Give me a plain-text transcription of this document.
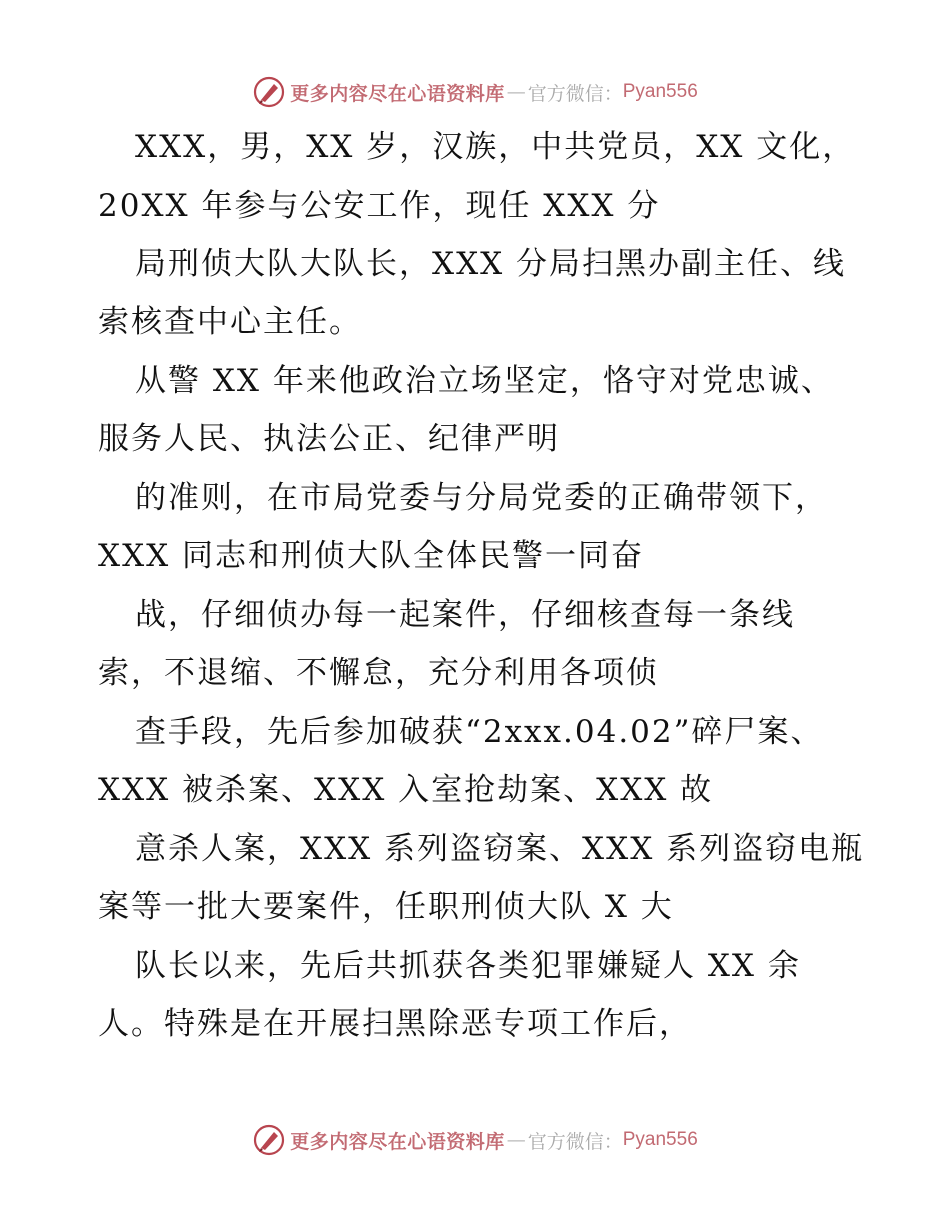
更多内容尽在心语资料库 — 官方微信： Pyan556
XXX，男，XX 岁，汉族，中共党员，XX 文化，
20XX 年参与公安工作，现任 XXX 分
局刑侦大队大队长，XXX 分局扫黑办副主任、线
索核查中心主任。
从警 XX 年来他政治立场坚定，恪守对党忠诚、
服务人民、执法公正、纪律严明
的准则，在市局党委与分局党委的正确带领下，
XXX 同志和刑侦大队全体民警一同奋
战，仔细侦办每一起案件，仔细核查每一条线
索，不退缩、不懈怠，充分利用各项侦
查手段，先后参加破获“2xxx.04.02”碎尸案、
XXX 被杀案、XXX 入室抢劫案、XXX 故
意杀人案，XXX 系列盗窃案、XXX 系列盗窃电瓶
案等一批大要案件，任职刑侦大队 X 大
队长以来，先后共抓获各类犯罪嫌疑人 XX 余
人。特殊是在开展扫黑除恶专项工作后，
更多内容尽在心语资料库 — 官方微信： Pyan556
